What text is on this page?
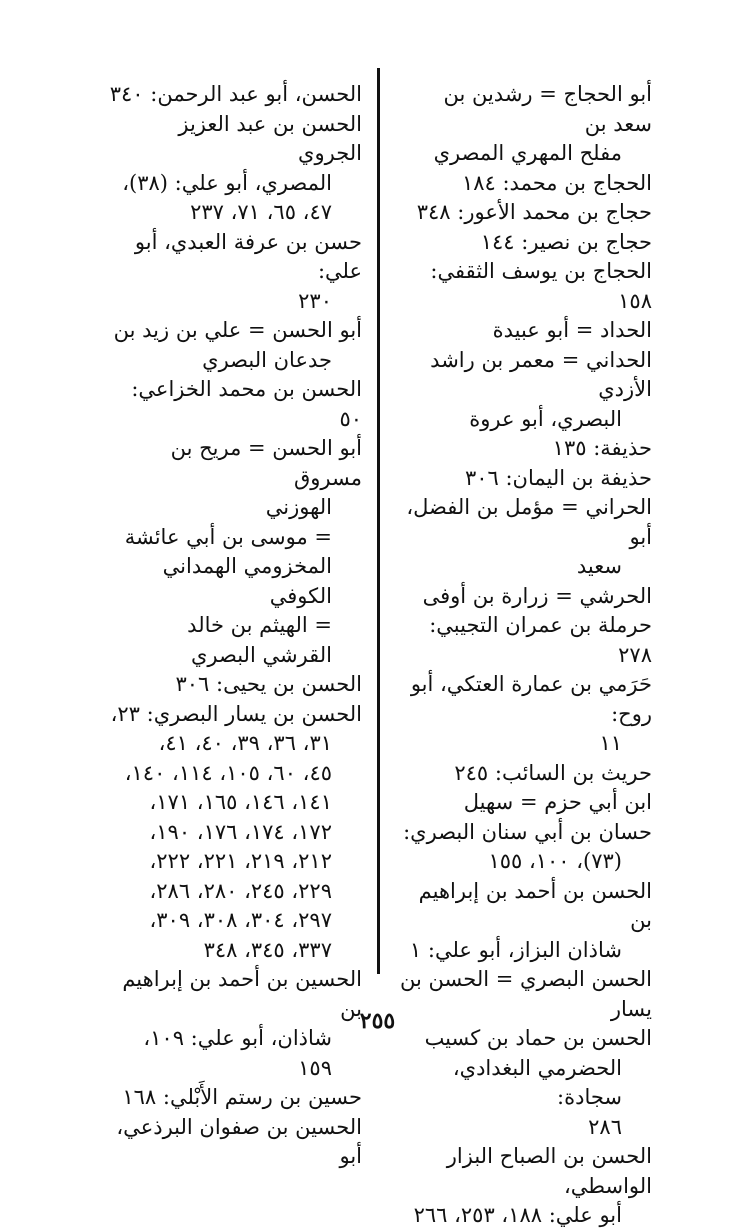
أبو الحجاج = رشدين بن سعد بن
مفلح المهري المصري

الحجاج بن محمد: ١٨٤

حجاج بن محمد الأعور: ٣٤٨

حجاج بن نصير: ١٤٤

الحجاج بن يوسف الثقفي: ١٥٨

الحداد = أبو عبيدة

الحداني = معمر بن راشد الأزدي
البصري، أبو عروة

حذيفة: ١٣٥

حذيفة بن اليمان: ٣٠٦

الحراني = مؤمل بن الفضل، أبو
سعيد

الحرشي = زرارة بن أوفى

حرملة بن عمران التجيبي: ٢٧٨

حَرَمي بن عمارة العتكي، أبو روح:
١١

حريث بن السائب: ٢٤٥

ابن أبي حزم = سهيل

حسان بن أبي سنان البصري:
(٧٣)، ١٠٠، ١٥٥

الحسن بن أحمد بن إبراهيم بن
شاذان البزاز، أبو علي: ١

الحسن البصري = الحسن بن يسار

الحسن بن حماد بن كسيب
الحضرمي البغدادي، سجادة:
٢٨٦

الحسن بن الصباح البزار الواسطي،
أبو علي: ١٨٨، ٢٥٣، ٢٦٦

الحسن، أبو عبد الرحمن: ٣٤٠

الحسن بن عبد العزيز الجروي
المصري، أبو علي: (٣٨)،
٤٧، ٦٥، ٧١، ٢٣٧

حسن بن عرفة العبدي، أبو علي:
٢٣٠

أبو الحسن = علي بن زيد بن
جدعان البصري

الحسن بن محمد الخزاعي: ٥٠

أبو الحسن = مريح بن مسروق
الهوزني
= موسى بن أبي عائشة
المخزومي الهمداني الكوفي
= الهيثم بن خالد
القرشي البصري

الحسن بن يحيى: ٣٠٦

الحسن بن يسار البصري: ٢٣،
٣١، ٣٦، ٣٩، ٤٠، ٤١،
٤٥، ٦٠، ١٠٥، ١١٤، ١٤٠،
١٤١، ١٤٦، ١٦٥، ١٧١،
١٧٢، ١٧٤، ١٧٦، ١٩٠،
٢١٢، ٢١٩، ٢٢١، ٢٢٢،
٢٢٩، ٢٤٥، ٢٨٠، ٢٨٦،
٢٩٧، ٣٠٤، ٣٠٨، ٣٠٩،
٣٣٧، ٣٤٥، ٣٤٨

الحسين بن أحمد بن إبراهيم بن
شاذان، أبو علي: ١٠٩، ١٥٩

حسين بن رستم الأَبْلي: ١٦٨

الحسين بن صفوان البرذعي، أبو

٢٥٥
